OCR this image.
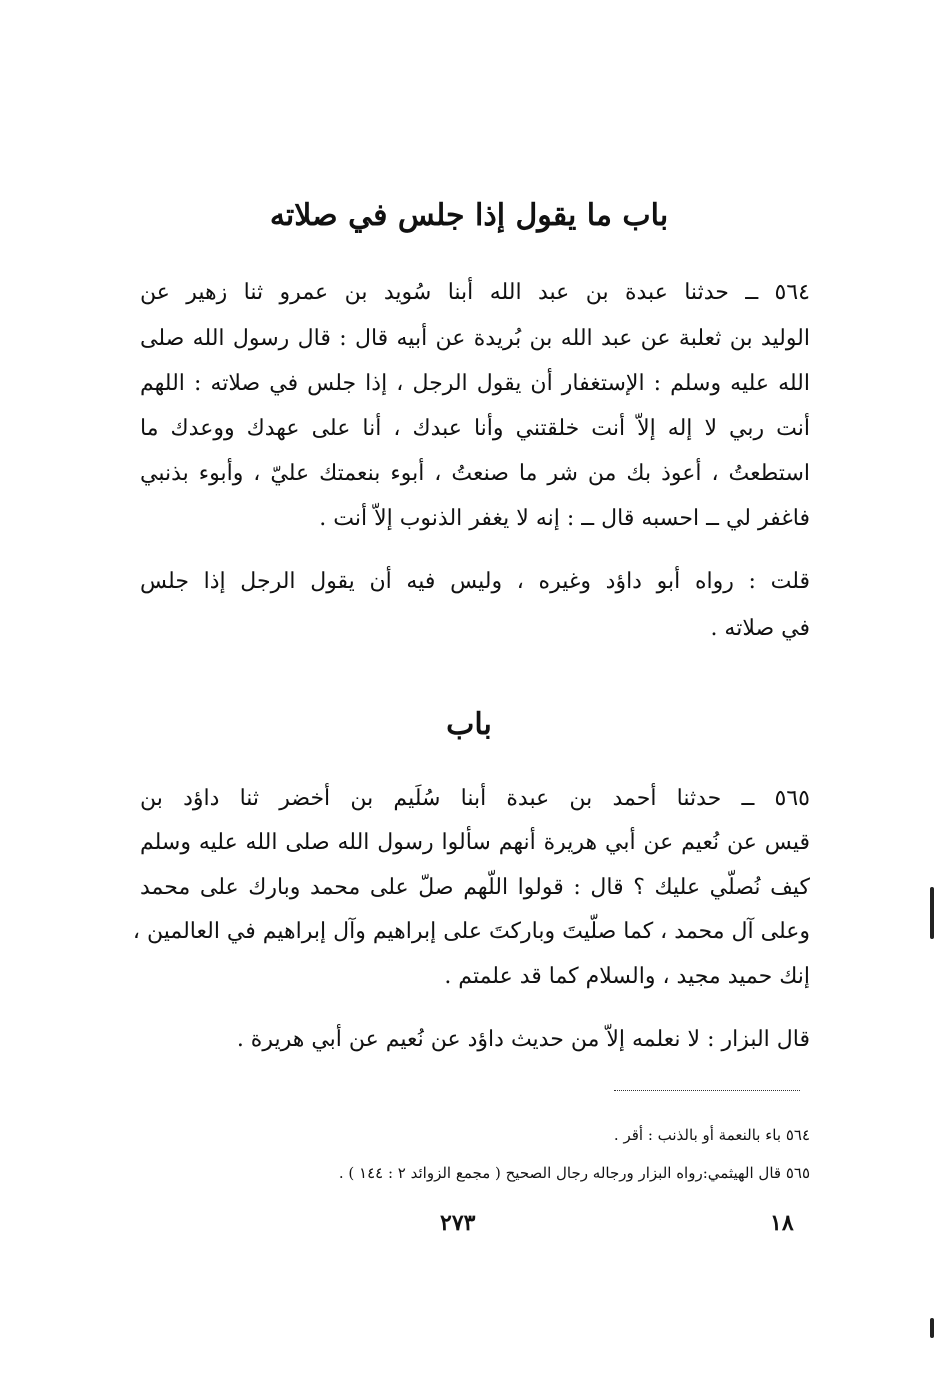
باب ما يقول إذا جلس في صلاته
٥٦٤ ــ حدثنا عبدة بن عبد الله أبنا سُويد بن عمرو ثنا زهير عن
الوليد بن ثعلبة عن عبد الله بن بُريدة عن أبيه قال : قال رسول الله صلى
الله عليه وسلم : الإستغفار أن يقول الرجل ، إذا جلس في صلاته : اللهم
أنت ربي لا إله إلاّ أنت خلقتني وأنا عبدك ، أنا على عهدك ووعدك ما
استطعتُ ، أعوذ بك من شر ما صنعتُ ، أبوء بنعمتك عليّ ، وأبوء بذنبي
فاغفر لي ــ احسبه قال ــ : إنه لا يغفر الذنوب إلاّ أنت .
قلت : رواه أبو داؤد وغيره ، وليس فيه أن يقول الرجل إذا جلس
في صلاته .
باب
٥٦٥ ــ حدثنا أحمد بن عبدة أبنا سُلَيم بن أخضر ثنا داؤد بن
قيس عن نُعيم عن أبي هريرة أنهم سألوا رسول الله صلى الله عليه وسلم
كيف نُصلّي عليك ؟ قال : قولوا اللّهم صلّ على محمد وبارك على محمد
وعلى آل محمد ، كما صلّيتَ وباركتَ على إبراهيم وآل إبراهيم في العالمين ،
إنك حميد مجيد ، والسلام كما قد علمتم .
قال البزار : لا نعلمه إلاّ من حديث داؤد عن نُعيم عن أبي هريرة .
٥٦٤ باء بالنعمة أو بالذنب : أقر .
٥٦٥ قال الهيثمي:رواه البزار ورجاله رجال الصحيح ( مجمع الزوائد ٢ : ١٤٤ ) .
٢٧٣	١٨
